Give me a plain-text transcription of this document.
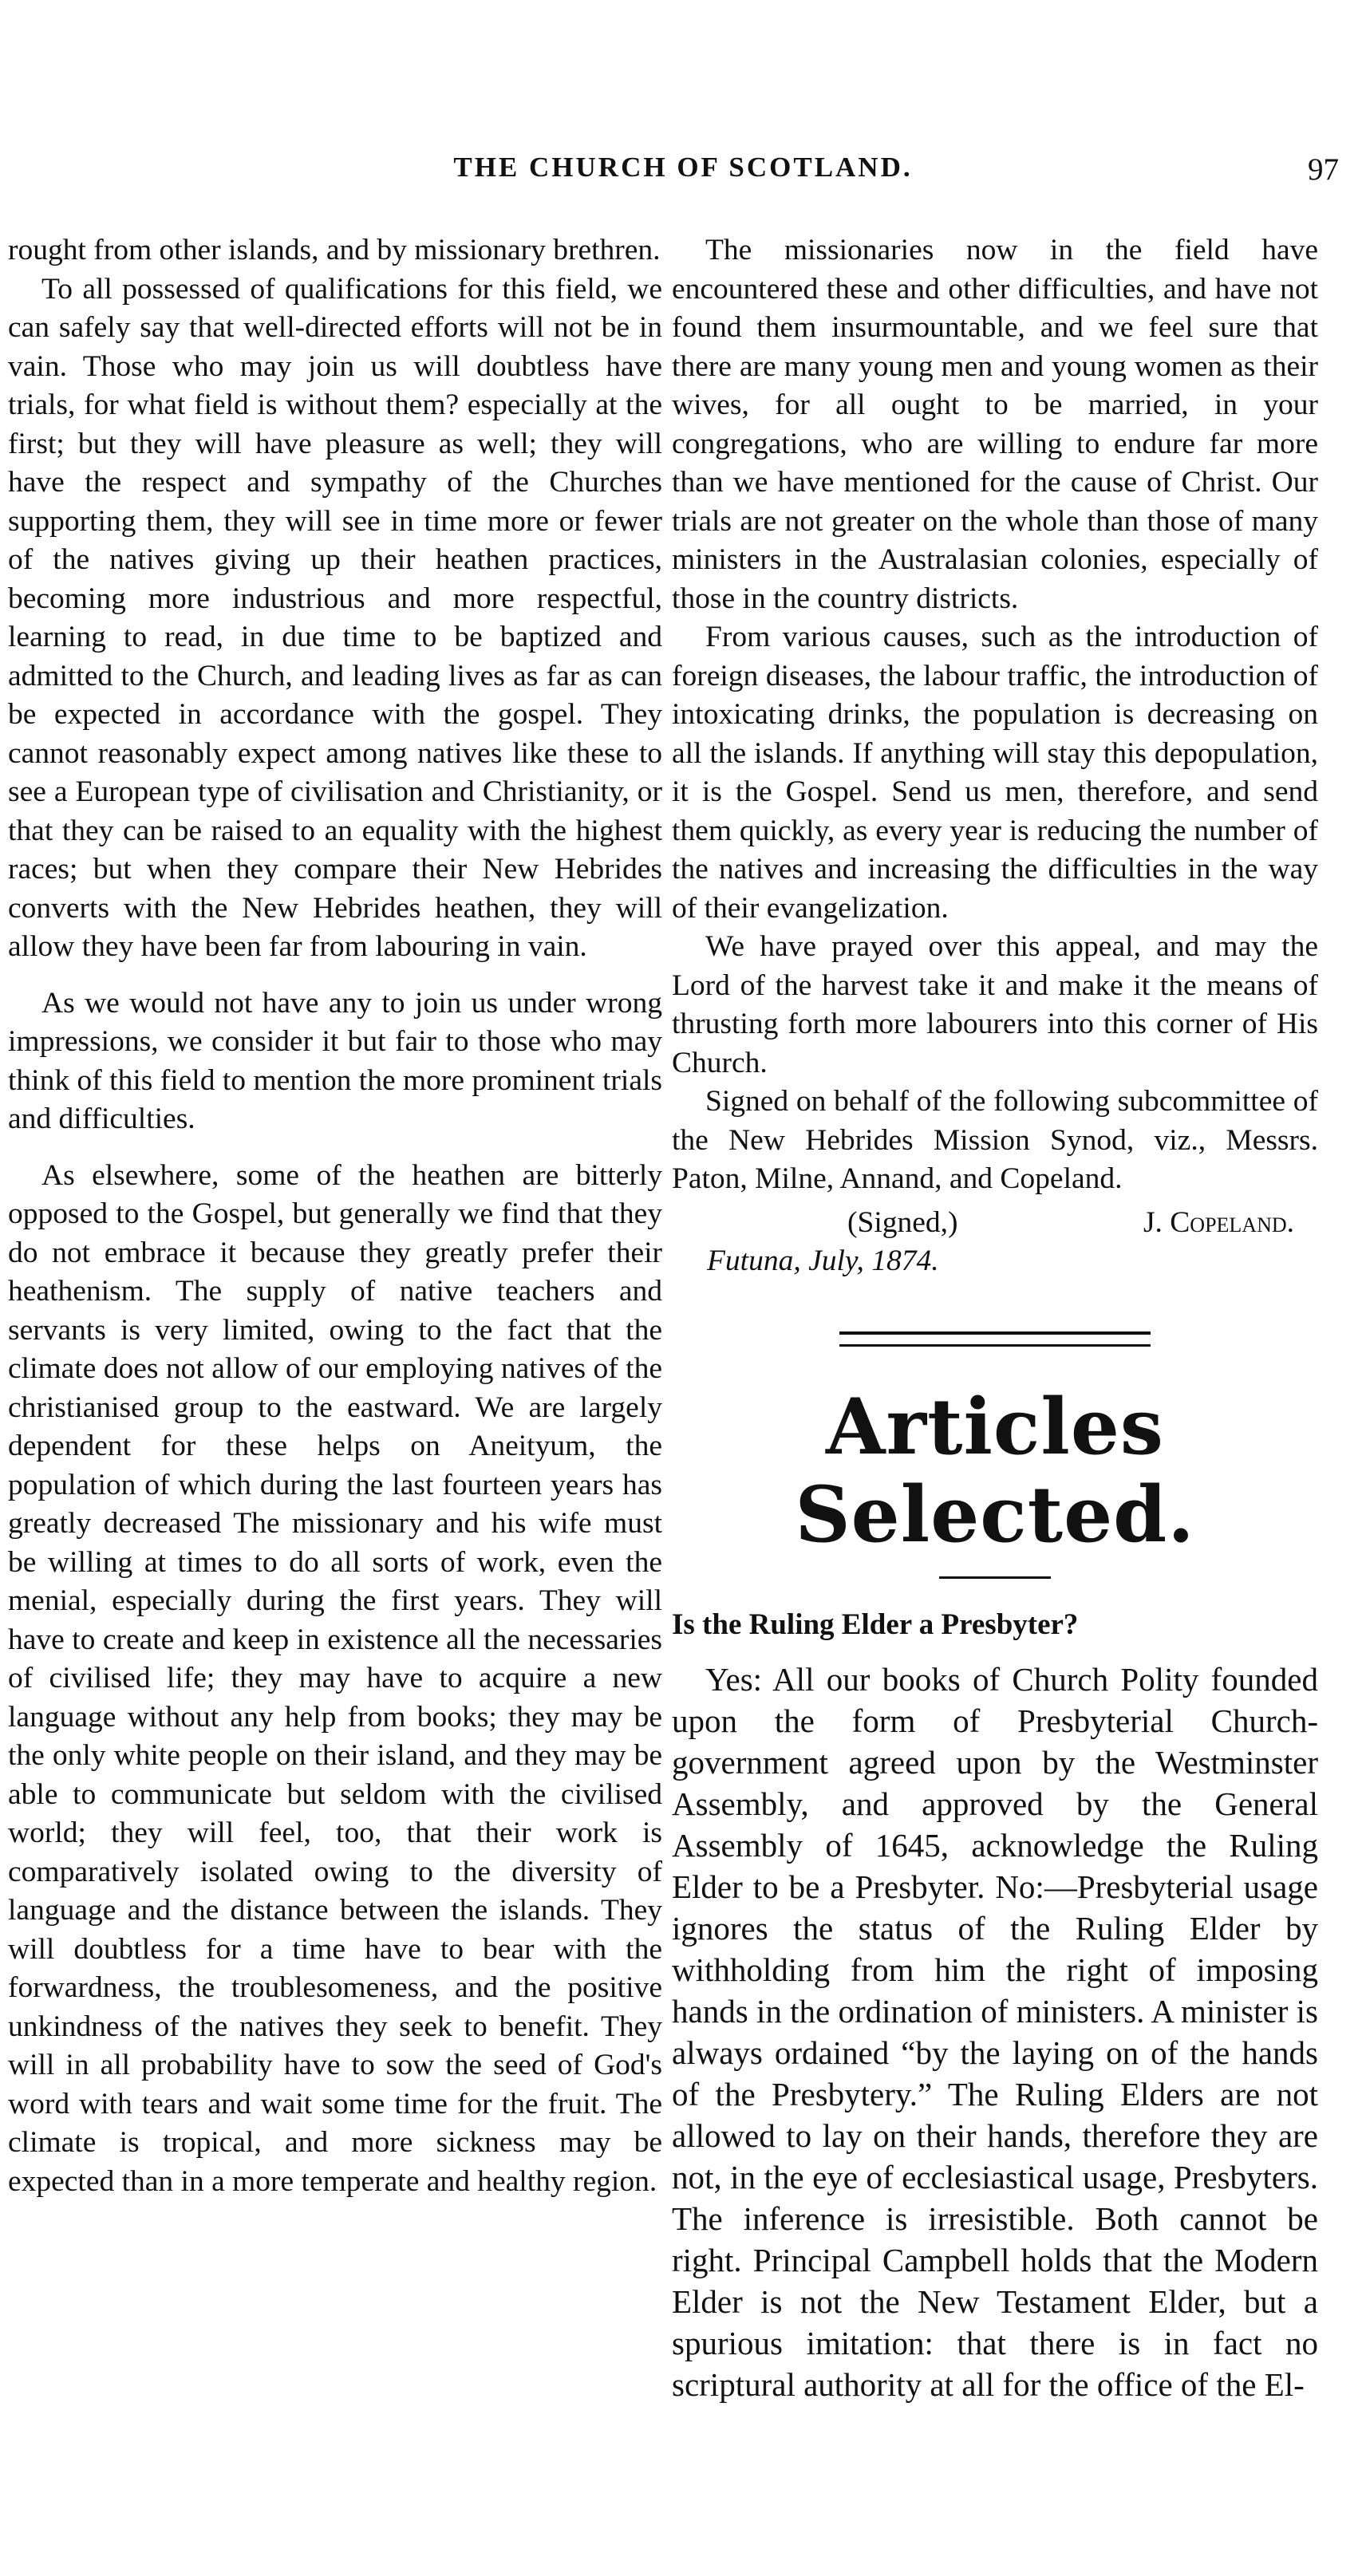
THE CHURCH OF SCOTLAND.	97

rought from other islands, and by missionary brethren.

To all possessed of qualifications for this field, we can safely say that well-directed efforts will not be in vain. Those who may join us will doubtless have trials, for what field is without them? especially at the first; but they will have pleasure as well; they will have the respect and sympathy of the Churches supporting them, they will see in time more or fewer of the natives giving up their heathen practices, becoming more industrious and more respectful, learning to read, in due time to be baptized and admitted to the Church, and leading lives as far as can be expected in accordance with the gospel. They cannot reasonably expect among natives like these to see a European type of civilisation and Christianity, or that they can be raised to an equality with the highest races; but when they compare their New Hebrides converts with the New Hebrides heathen, they will allow they have been far from labouring in vain.

As we would not have any to join us under wrong impressions, we consider it but fair to those who may think of this field to mention the more prominent trials and difficulties.

As elsewhere, some of the heathen are bitterly opposed to the Gospel, but generally we find that they do not embrace it because they greatly prefer their heathenism. The supply of native teachers and servants is very limited, owing to the fact that the climate does not allow of our employing natives of the christianised group to the eastward. We are largely dependent for these helps on Aneityum, the population of which during the last fourteen years has greatly decreased The missionary and his wife must be willing at times to do all sorts of work, even the menial, especially during the first years. They will have to create and keep in existence all the necessaries of civilised life; they may have to acquire a new language without any help from books; they may be the only white people on their island, and they may be able to communicate but seldom with the civilised world; they will feel, too, that their work is comparatively isolated owing to the diversity of language and the distance between the islands. They will doubtless for a time have to bear with the forwardness, the troublesomeness, and the positive unkindness of the natives they seek to benefit. They will in all probability have to sow the seed of God's word with tears and wait some time for the fruit. The climate is tropical, and more sickness may be expected than in a more temperate and healthy region.

The missionaries now in the field have encountered these and other difficulties, and have not found them insurmountable, and we feel sure that there are many young men and young women as their wives, for all ought to be married, in your congregations, who are willing to endure far more than we have mentioned for the cause of Christ. Our trials are not greater on the whole than those of many ministers in the Australasian colonies, especially of those in the country districts.

From various causes, such as the introduction of foreign diseases, the labour traffic, the introduction of intoxicating drinks, the population is decreasing on all the islands. If anything will stay this depopulation, it is the Gospel. Send us men, therefore, and send them quickly, as every year is reducing the number of the natives and increasing the difficulties in the way of their evangelization.

We have prayed over this appeal, and may the Lord of the harvest take it and make it the means of thrusting forth more labourers into this corner of His Church.

Signed on behalf of the following subcommittee of the New Hebrides Mission Synod, viz., Messrs. Paton, Milne, Annand, and Copeland.

(Signed,)	J. Copeland.
Futuna, July, 1874.
Articles Selected.
Is the Ruling Elder a Presbyter?

Yes: All our books of Church Polity founded upon the form of Presbyterial Church-government agreed upon by the Westminster Assembly, and approved by the General Assembly of 1645, acknowledge the Ruling Elder to be a Presbyter. No:—Presbyterial usage ignores the status of the Ruling Elder by withholding from him the right of imposing hands in the ordination of ministers. A minister is always ordained “by the laying on of the hands of the Presbytery.” The Ruling Elders are not allowed to lay on their hands, therefore they are not, in the eye of ecclesiastical usage, Presbyters. The inference is irresistible. Both cannot be right. Principal Campbell holds that the Modern Elder is not the New Testament Elder, but a spurious imitation: that there is in fact no scriptural authority at all for the office of the El-
